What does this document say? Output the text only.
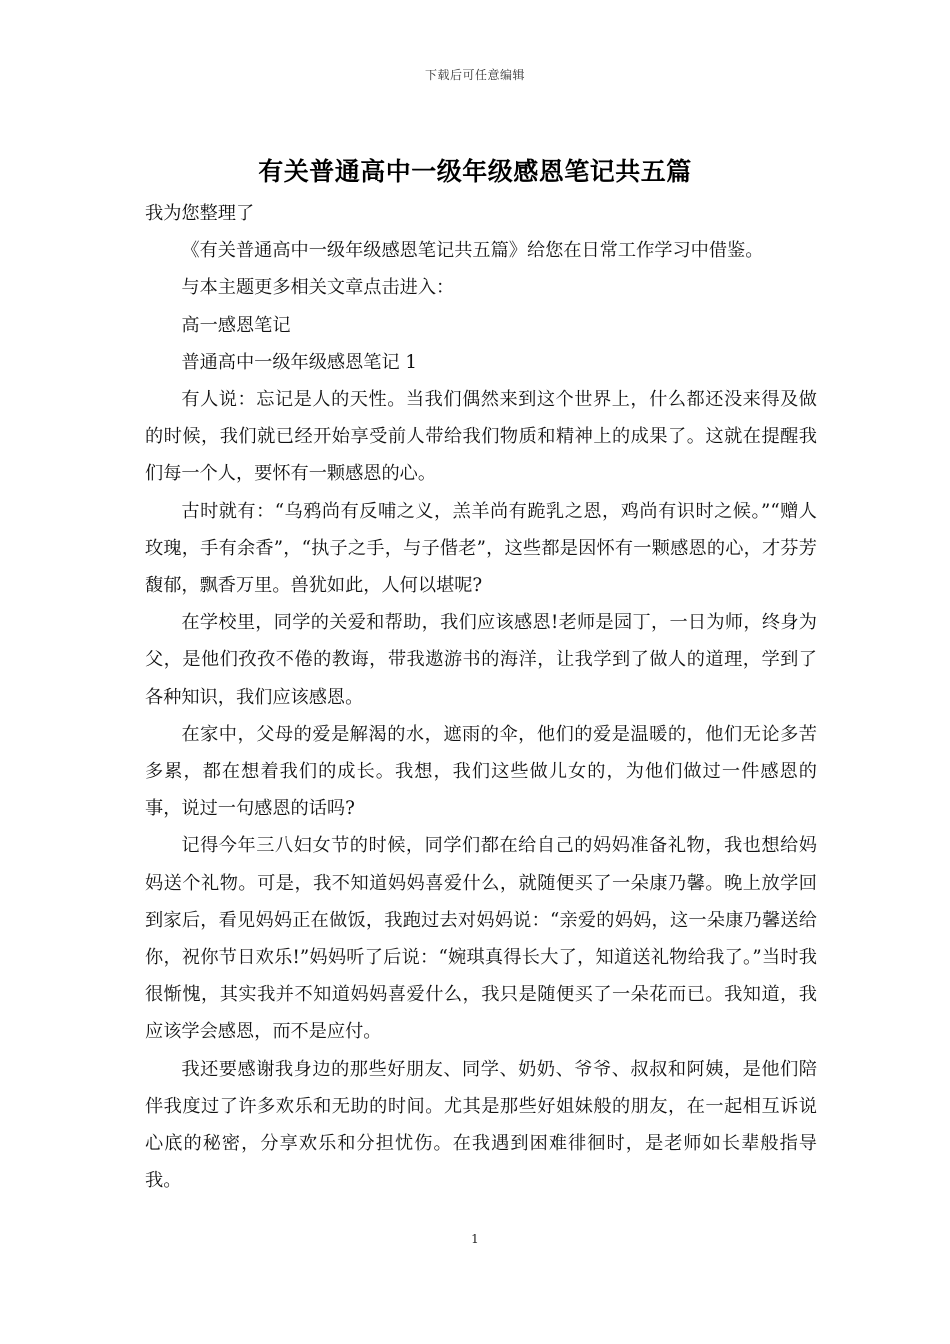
下载后可任意编辑
有关普通高中一级年级感恩笔记共五篇

我为您整理了

《有关普通高中一级年级感恩笔记共五篇》给您在日常工作学习中借鉴。

与本主题更多相关文章点击进入：

高一感恩笔记

普通高中一级年级感恩笔记 1

有人说：忘记是人的天性。当我们偶然来到这个世界上，什么都还没来得及做的时候，我们就已经开始享受前人带给我们物质和精神上的成果了。这就在提醒我们每一个人，要怀有一颗感恩的心。

古时就有：“乌鸦尚有反哺之义，羔羊尚有跪乳之恩，鸡尚有识时之候。”“赠人玫瑰，手有余香”，“执子之手，与子偕老”，这些都是因怀有一颗感恩的心，才芬芳馥郁，飘香万里。兽犹如此，人何以堪呢?

在学校里，同学的关爱和帮助，我们应该感恩!老师是园丁，一日为师，终身为父，是他们孜孜不倦的教诲，带我遨游书的海洋，让我学到了做人的道理，学到了各种知识，我们应该感恩。

在家中，父母的爱是解渴的水，遮雨的伞，他们的爱是温暖的，他们无论多苦多累，都在想着我们的成长。我想，我们这些做儿女的，为他们做过一件感恩的事，说过一句感恩的话吗?

记得今年三八妇女节的时候，同学们都在给自己的妈妈准备礼物，我也想给妈妈送个礼物。可是，我不知道妈妈喜爱什么，就随便买了一朵康乃馨。晚上放学回到家后，看见妈妈正在做饭，我跑过去对妈妈说：“亲爱的妈妈，这一朵康乃馨送给你，祝你节日欢乐!”妈妈听了后说：“婉琪真得长大了，知道送礼物给我了。”当时我很惭愧，其实我并不知道妈妈喜爱什么，我只是随便买了一朵花而已。我知道，我应该学会感恩，而不是应付。

我还要感谢我身边的那些好朋友、同学、奶奶、爷爷、叔叔和阿姨，是他们陪伴我度过了许多欢乐和无助的时间。尤其是那些好姐妹般的朋友，在一起相互诉说心底的秘密，分享欢乐和分担忧伤。在我遇到困难徘徊时，是老师如长辈般指导我。

1
